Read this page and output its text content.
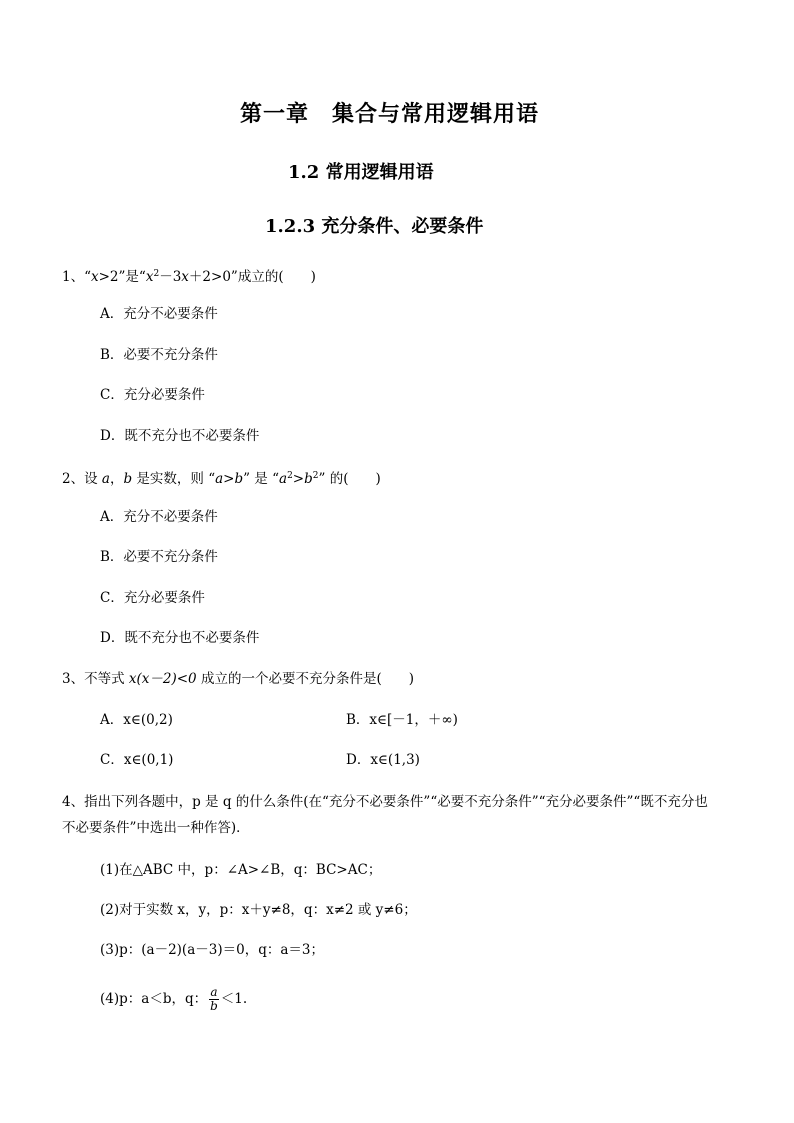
第一章　集合与常用逻辑用语
1.2 常用逻辑用语
1.2.3 充分条件、必要条件
1、“x>2”是“$x^2-3x+2>0$”成立的(　　)
A．充分不必要条件
B．必要不充分条件
C．充分必要条件
D．既不充分也不必要条件
2、设 a，b 是实数，则 “a>b” 是 “$a^2>b^2$” 的(　　)
A．充分不必要条件
B．必要不充分条件
C．充分必要条件
D．既不充分也不必要条件
3、不等式 x(x－2)<0 成立的一个必要不充分条件是(　　)
A．x∈(0,2)	B．x∈[－1，＋∞)
C．x∈(0,1)	D．x∈(1,3)
4、指出下列各题中，p 是 q 的什么条件(在“充分不必要条件”“必要不充分条件”“充分必要条件”“既不充分也
不必要条件”中选出一种作答)．
(1)在△ABC 中，p：∠A>∠B，q：BC>AC；
(2)对于实数 x，y，p：x＋y≠8，q：x≠2 或 y≠6；
(3)p：(a－2)(a－3)＝0，q：a＝3；
(4)p：a＜b，q： $\frac{a}{b} <1$.
